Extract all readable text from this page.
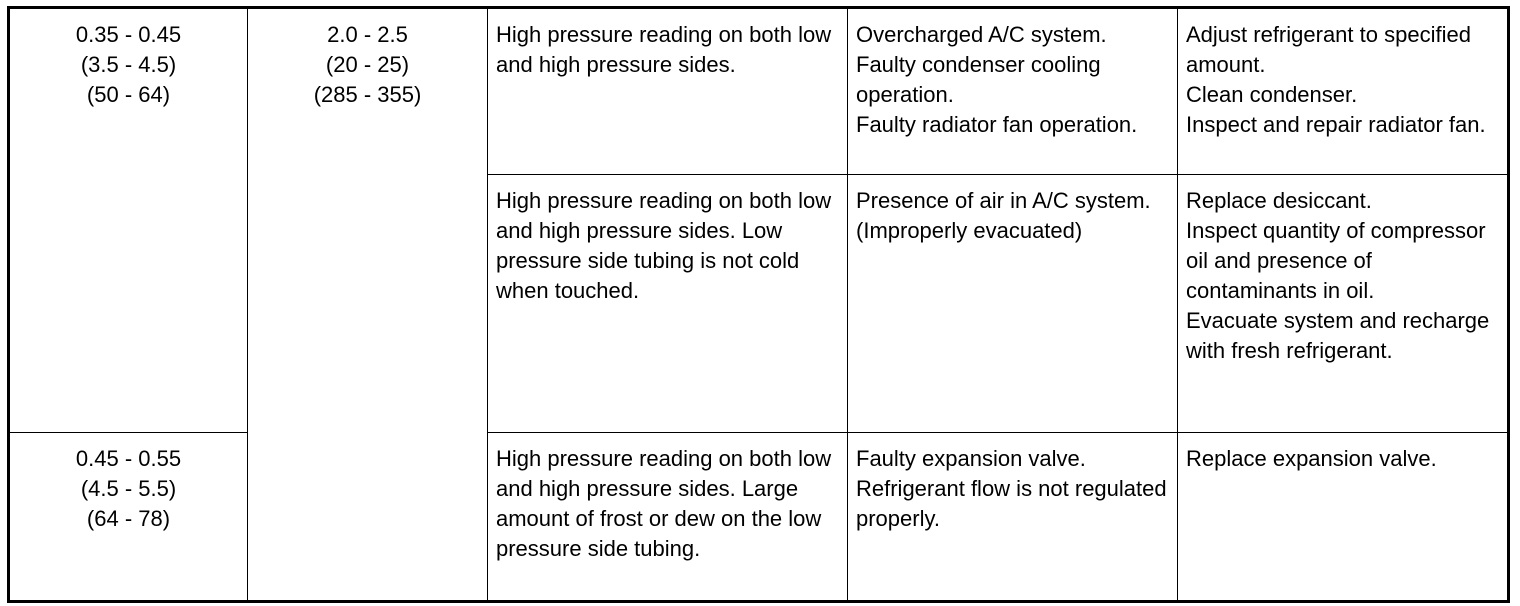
0.35 - 0.45
(3.5 - 4.5)
(50 - 64)	2.0 - 2.5
(20 - 25)
(285 - 355)	High pressure reading on both low and high pressure sides.	Overcharged A/C system.
Faulty condenser cooling operation.
Faulty radiator fan operation.	Adjust refrigerant to specified amount.
Clean condenser.
Inspect and repair radiator fan.

		High pressure reading on both low and high pressure sides. Low pressure side tubing is not cold when touched.	Presence of air in A/C system. (Improperly evacuated)	Replace desiccant.
Inspect quantity of compressor oil and presence of contaminants in oil.
Evacuate system and recharge with fresh refrigerant.

0.45 - 0.55
(4.5 - 5.5)
(64 - 78)		High pressure reading on both low and high pressure sides. Large amount of frost or dew on the low pressure side tubing.	Faulty expansion valve.
Refrigerant flow is not regulated properly.	Replace expansion valve.
